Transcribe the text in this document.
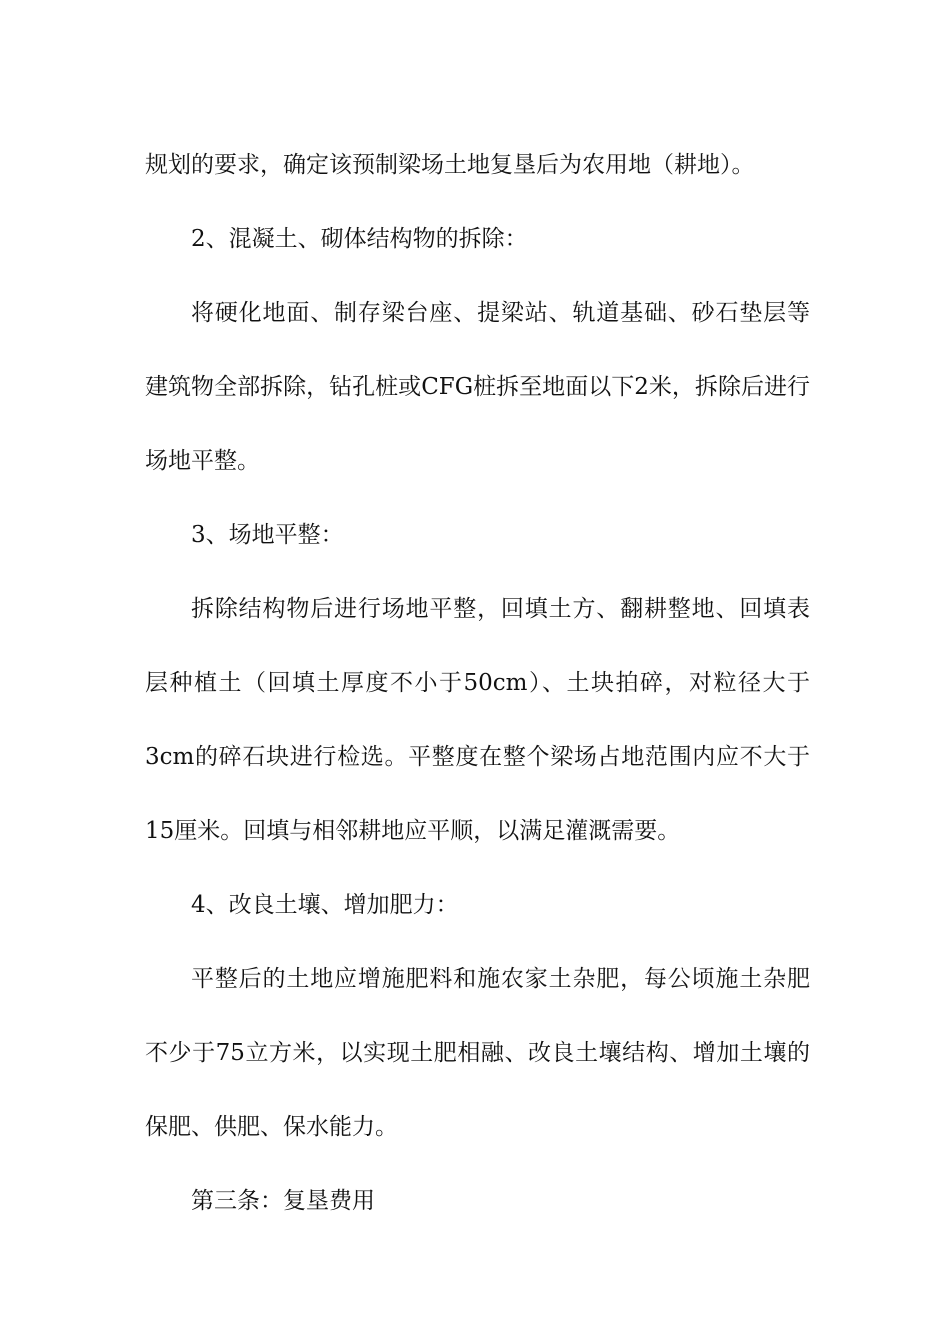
规划的要求，确定该预制梁场土地复垦后为农用地（耕地）。

2、混凝土、砌体结构物的拆除：

将硬化地面、制存梁台座、提梁站、轨道基础、砂石垫层等建筑物全部拆除，钻孔桩或CFG桩拆至地面以下2米，拆除后进行场地平整。

3、场地平整：

拆除结构物后进行场地平整，回填土方、翻耕整地、回填表层种植土（回填土厚度不小于50cm）、土块拍碎，对粒径大于3cm的碎石块进行检选。平整度在整个梁场占地范围内应不大于15厘米。回填与相邻耕地应平顺，以满足灌溉需要。

4、改良土壤、增加肥力：

平整后的土地应增施肥料和施农家土杂肥，每公顷施土杂肥不少于75立方米，以实现土肥相融、改良土壤结构、增加土壤的保肥、供肥、保水能力。

第三条：复垦费用
